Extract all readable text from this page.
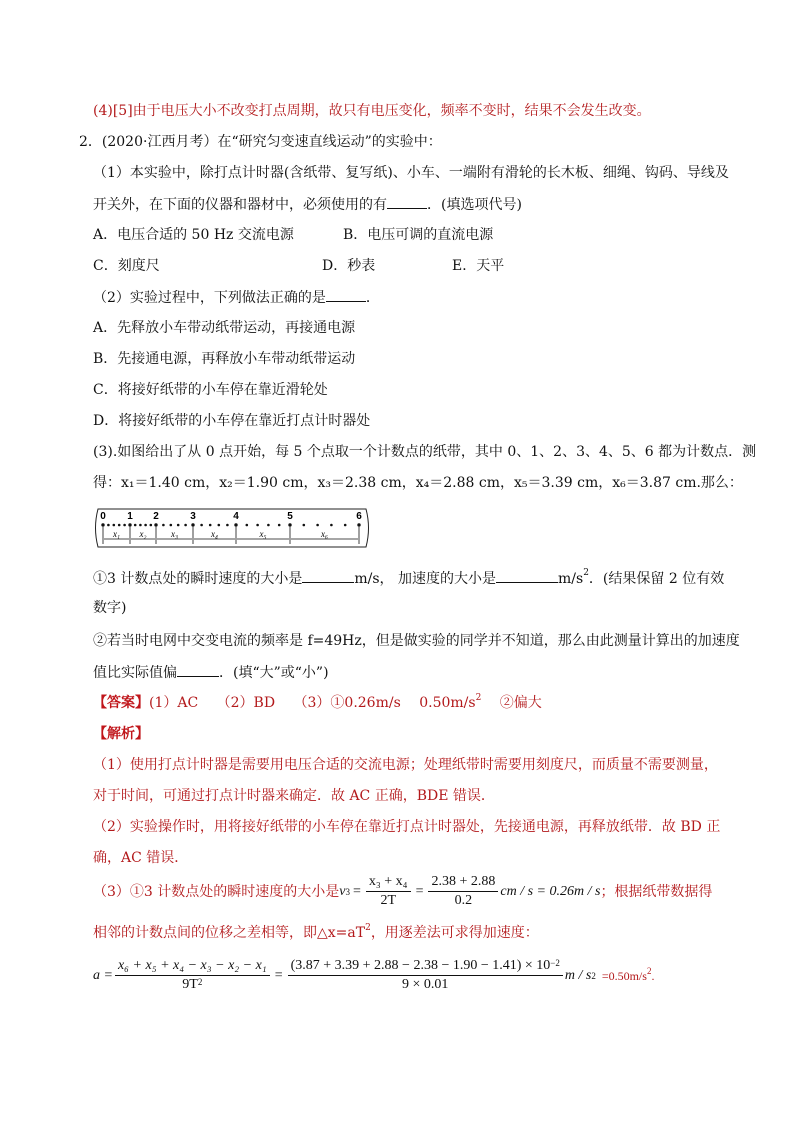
(4)[5]由于电压大小不改变打点周期，故只有电压变化，频率不变时，结果不会发生改变。
2．(2020·江西月考）在“研究匀变速直线运动”的实验中：
（1）本实验中，除打点计时器(含纸带、复写纸)、小车、一端附有滑轮的长木板、细绳、钩码、导线及
开关外，在下面的仪器和器材中，必须使用的有	．(填选项代号)
A．电压合适的 50 Hz 交流电源	B．电压可调的直流电源
C．刻度尺	D．秒表	E．天平
（2）实验过程中，下列做法正确的是	．
A．先释放小车带动纸带运动，再接通电源
B．先接通电源，再释放小车带动纸带运动
C．将接好纸带的小车停在靠近滑轮处
D．将接好纸带的小车停在靠近打点计时器处
(3).如图给出了从 0 点开始，每 5 个点取一个计数点的纸带，其中 0、1、2、3、4、5、6 都为计数点．测
得：x₁＝1.40 cm，x₂＝1.90 cm，x₃＝2.38 cm，x₄＝2.88 cm，x₅＝3.39 cm，x₆＝3.87 cm.那么：
0 1 2	3	4	5	6
x₁ x₂	x₃	x₄	x₅	x₆
①3 计数点处的瞬时速度的大小是	m/s， 加速度的大小是	$m/s^2$．(结果保留 2 位有效
数字)
②若当时电网中交变电流的频率是 f=49Hz，但是做实验的同学并不知道，那么由此测量计算出的加速度
值比实际值偏	．(填“大”或“小”)
【答案】(1）AC　 （2）BD　 （3）①0.26m/s　 $0.50m/s^2$　 ②偏大
【解析】
（1）使用打点计时器是需要用电压合适的交流电源；处理纸带时需要用刻度尺，而质量不需要测量，
对于时间，可通过打点计时器来确定．故 AC 正确，BDE 错误．
（2）实验操作时，用将接好纸带的小车停在靠近打点计时器处，先接通电源，再释放纸带．故 BD 正
确，AC 错误．
（3）①3 计数点处的瞬时速度的大小是 v $3 = \frac{\text{x₃ + x₄}}{2T} = \frac{2.38 + 2.88}{0.2}$ cm / s = 0.26m / s ；根据纸带数据得
相邻的计数点间的位移之差相等，即$\triangle x=aT^2$，用逐差法可求得加速度：
$a = \frac{\text{x₆ + x₅ + x₄ − x₃ − x₂ − x₁}}{9T^2} = \frac{(3.87 + 3.39 + 2.88 - 2.38 - 1.90 - 1.41) \times 10^{-2}}{9 \times 0.01}$ m / s $2 =0.50m/s^2$.
